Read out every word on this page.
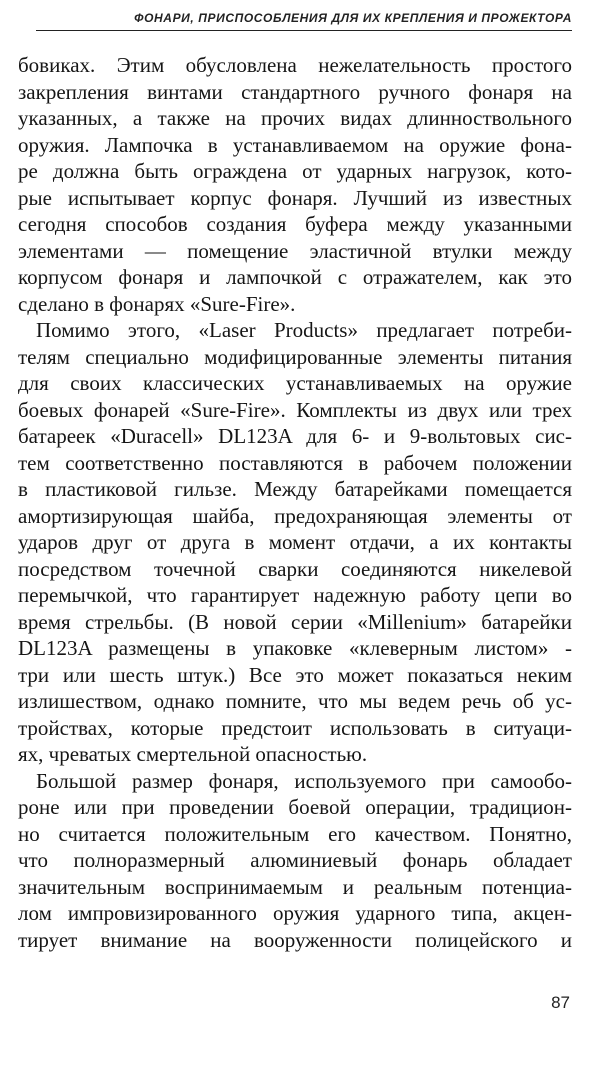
ФОНАРИ, ПРИСПОСОБЛЕНИЯ ДЛЯ ИХ КРЕПЛЕНИЯ И ПРОЖЕКТОРА
бовиках. Этим обусловлена нежелательность простого
закрепления винтами стандартного ручного фонаря на
указанных, а также на прочих видах длинноствольного
оружия. Лампочка в устанавливаемом на оружие фона-
ре должна быть ограждена от ударных нагрузок, кото-
рые испытывает корпус фонаря. Лучший из известных
сегодня способов создания буфера между указанными
элементами — помещение эластичной втулки между
корпусом фонаря и лампочкой с отражателем, как это
сделано в фонарях «Sure-Fire».
Помимо этого, «Laser Products» предлагает потреби-
телям специально модифицированные элементы питания
для своих классических устанавливаемых на оружие
боевых фонарей «Sure-Fire». Комплекты из двух или трех
батареек «Duracell» DL123A для 6- и 9-вольтовых сис-
тем соответственно поставляются в рабочем положении
в пластиковой гильзе. Между батарейками помещается
амортизирующая шайба, предохраняющая элементы от
ударов друг от друга в момент отдачи, а их контакты
посредством точечной сварки соединяются никелевой
перемычкой, что гарантирует надежную работу цепи во
время стрельбы. (В новой серии «Millenium» батарейки
DL123A размещены в упаковке «клеверным листом» -
три или шесть штук.) Все это может показаться неким
излишеством, однако помните, что мы ведем речь об ус-
тройствах, которые предстоит использовать в ситуаци-
ях, чреватых смертельной опасностью.
Большой размер фонаря, используемого при самообо-
роне или при проведении боевой операции, традицион-
но считается положительным его качеством. Понятно,
что полноразмерный алюминиевый фонарь обладает
значительным воспринимаемым и реальным потенциа-
лом импровизированного оружия ударного типа, акцен-
тирует внимание на вооруженности полицейского и
87
